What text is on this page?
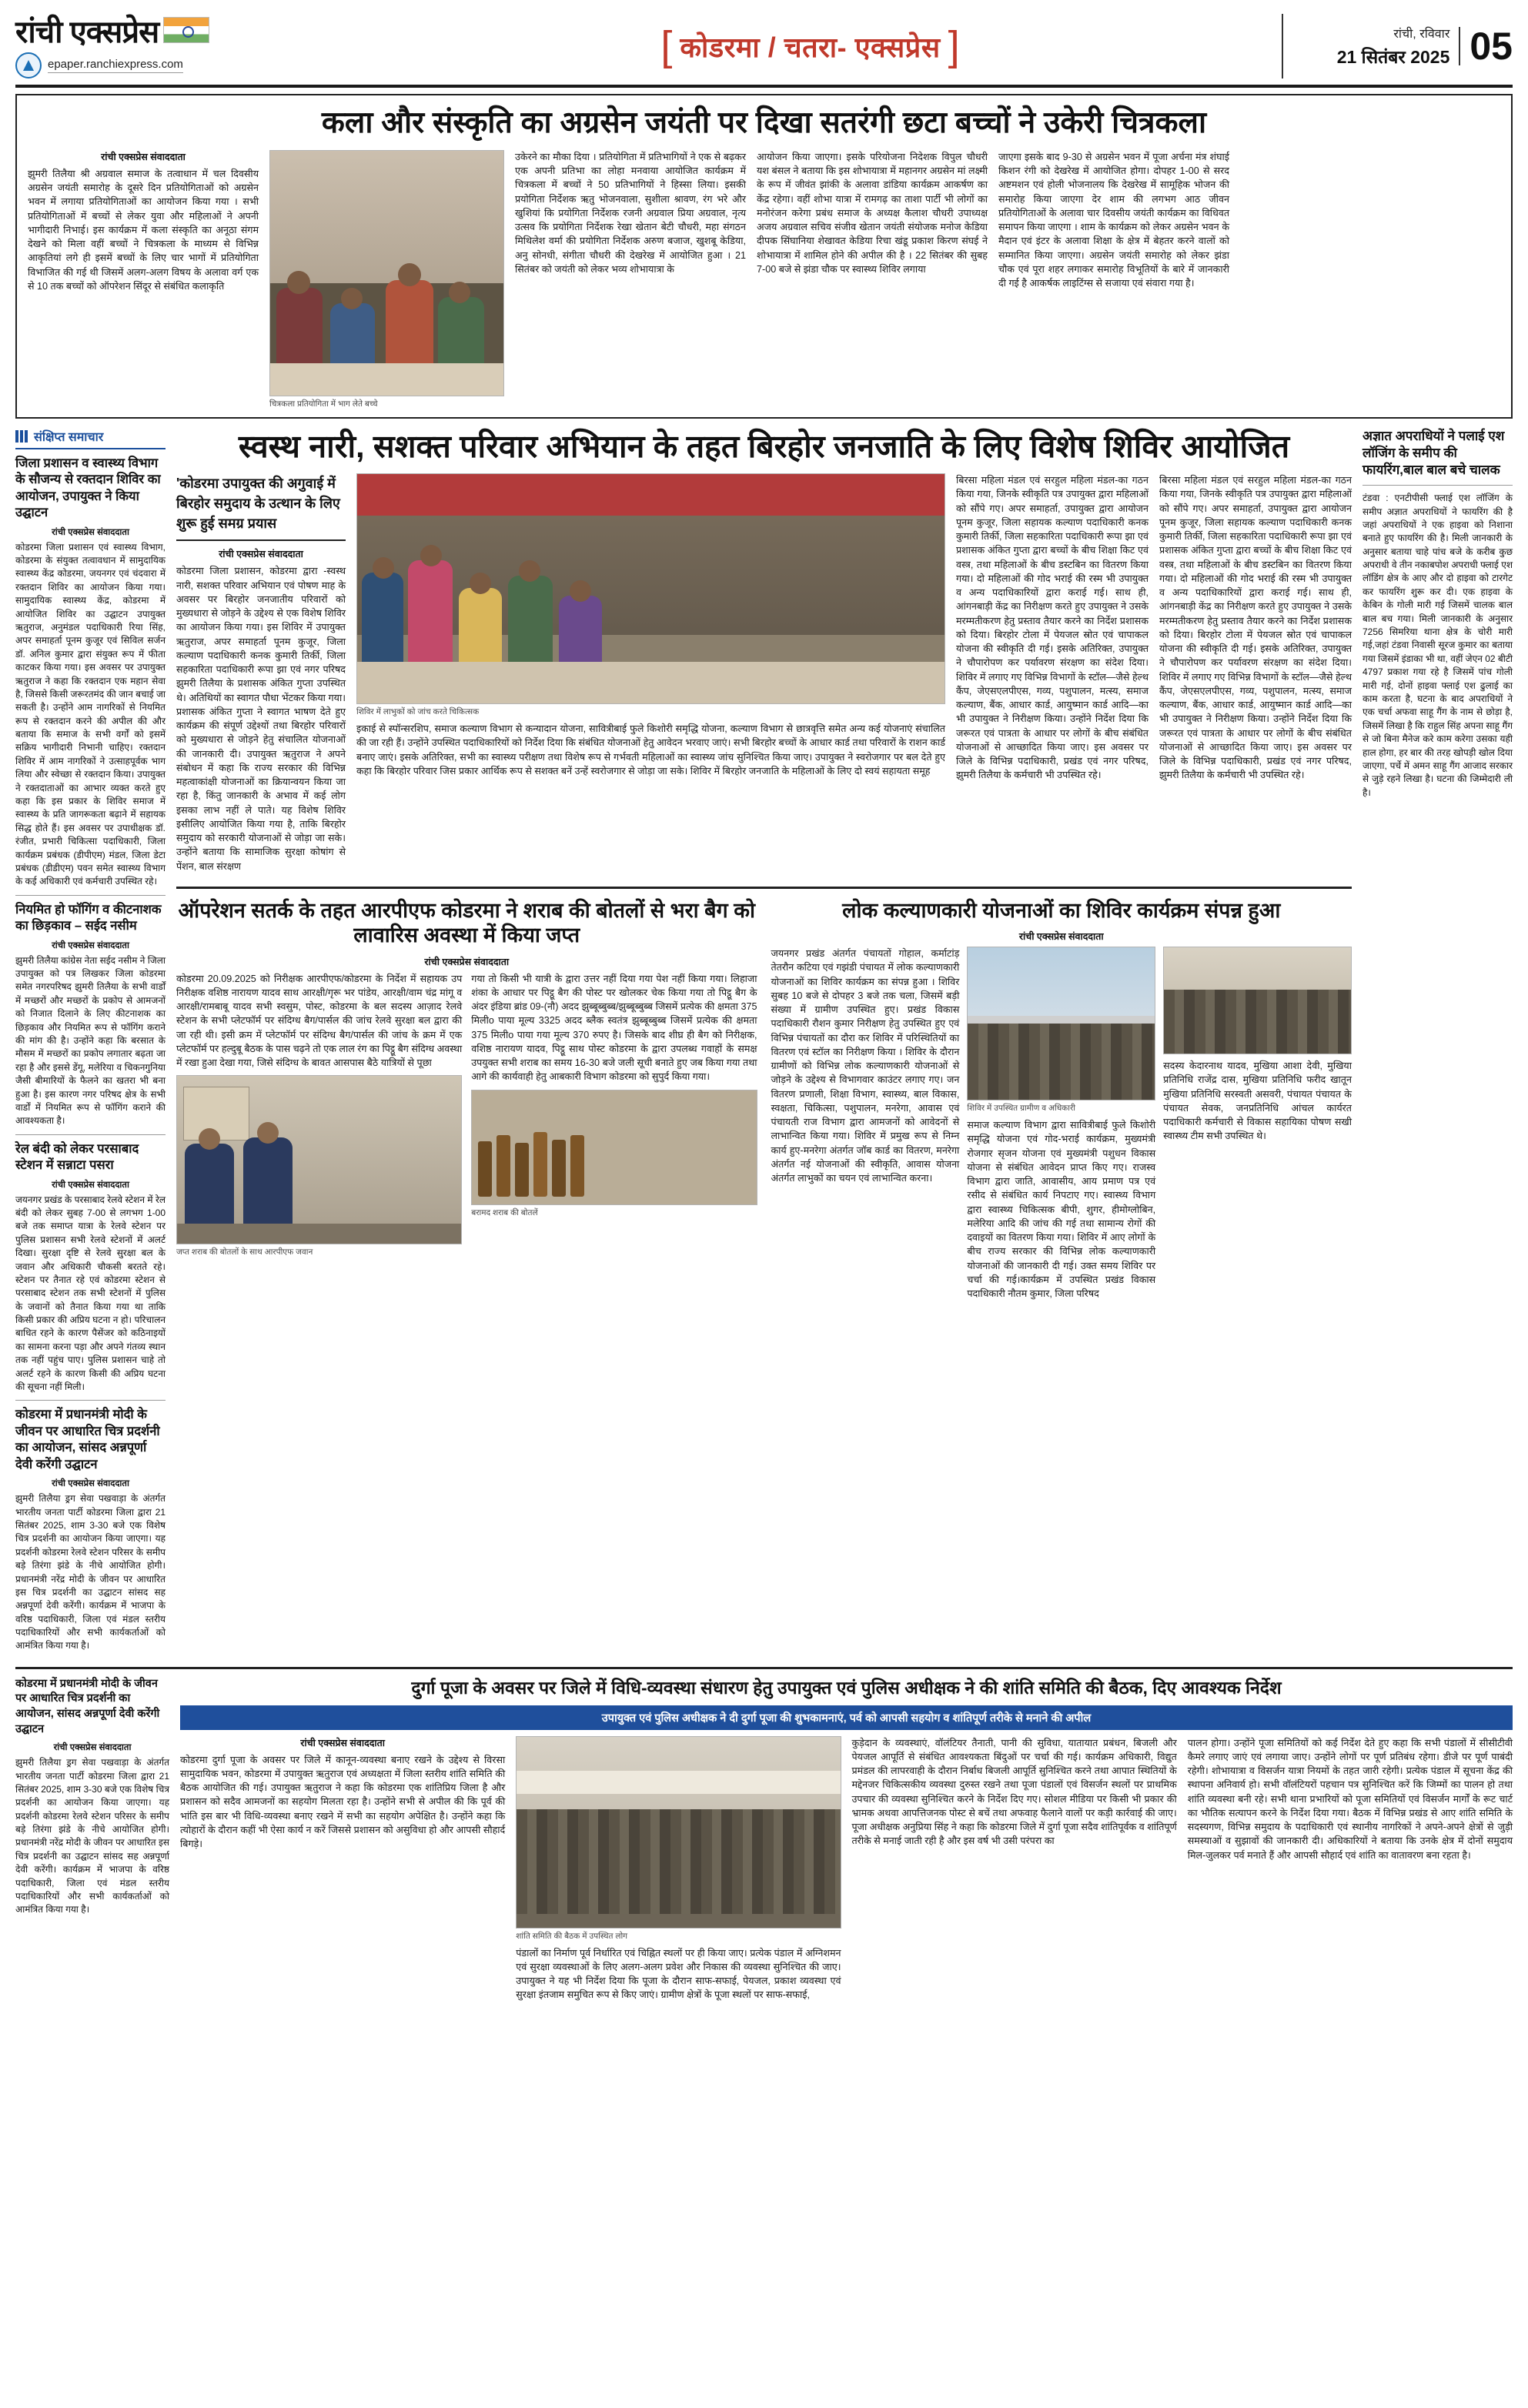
रांची एक्सप्रेस
epaper.ranchiexpress.com	[ कोडरमा / चतरा- एक्सप्रेस ]	रांची, रविवार
21 सितंबर 2025 05
कला और संस्कृति का अग्रसेन जयंती पर दिखा सतरंगी छटा बच्चों ने उकेरी चित्रकला
रांची एक्सप्रेस संवाददाता

झुमरी तिलैया श्री अग्रवाल समाज के तत्वाधान में चल दिवसीय अग्रसेन जयंती समारोह के दूसरे दिन प्रतियोगिताओं को अग्रसेन भवन में लगाया प्रतियोगिताओं का आयोजन किया गया । सभी प्रतियोगिताओं में बच्चों से लेकर युवा और महिलाओं ने अपनी भागीदारी निभाई। इस कार्यक्रम में कला संस्कृति का अनूठा संगम देखने को मिला वहीं बच्चों ने चित्रकला के माध्यम से विभिन्न आकृतियां लगे ही इसमें बच्चों के लिए चार भागों में प्रतियोगिता विभाजित की गई थी जिसमें अलग-अलग विषय के अलावा वर्ग एक से 10 तक बच्चों को ऑपरेशन सिंदूर से संबंधित कलाकृति

चित्रकला प्रतियोगिता में भाग लेते बच्चे

उकेरने का मौका दिया । प्रतियोगिता में प्रतिभागियों ने एक से बढ़कर एक अपनी प्रतिभा का लोहा मनवाया आयोजित कार्यक्रम में चित्रकला में बच्चों ने 50 प्रतिभागियों ने हिस्सा लिया। इसकी प्रयोगिता निर्देशक ऋतु भोजनवाला, सुशीला श्रावण, रंग भरे और खुशियां कि प्रयोगिता निर्देशक रजनी अग्रवाल प्रिया अग्रवाल, नृत्य उत्सव कि प्रयोगिता निर्देशक रेखा खेतान बेटी चौधरी, महा संगठन मिथिलेश वर्मा की प्रयोगिता निर्देशक अरुण बजाज, खुशबू केडिया, अनु सोनधी, संगीता चौधरी की देखरेख में आयोजित हुआ । 21 सितंबर को जयंती को लेकर भव्य शोभायात्रा के

आयोजन किया जाएगा। इसके परियोजना निदेशक विपुल चौधरी यश बंसल ने बताया कि इस शोभायात्रा में महानगर अग्रसेन मां लक्ष्मी के रूप में जीवंत झांकी के अलावा डांडिया कार्यक्रम आकर्षण का केंद्र रहेगा। वहीं शोभा यात्रा में रामगढ़ का ताशा पार्टी भी लोगों का मनोरंजन करेगा प्रबंध समाज के अध्यक्ष कैलाश चौधरी उपाध्यक्ष अजय अग्रवाल सचिव संजीव खेतान जयंती संयोजक मनोज केडिया दीपक सिंघानिया शेखावत केडिया रिचा खंडू प्रकाश किरण संघई ने शोभायात्रा में शामिल होने की अपील की है । 22 सितंबर की सुबह 7-00 बजे से झंडा चौक पर स्वास्थ्य शिविर लगाया

जाएगा इसके बाद 9-30 से अग्रसेन भवन में पूजा अर्चना मंत्र शंघाई किशन रंगी को देखरेख में आयोजित होगा। दोपहर 1-00 से सरद अष्टमशन एवं होली भोजनालय कि देखरेख में सामूहिक भोजन की समारोह किया जाएगा देर शाम की लगभग आठ जीवन प्रतियोगिताओं के अलावा चार दिवसीय जयंती कार्यक्रम का विधिवत समापन किया जाएगा । शाम के कार्यक्रम को लेकर अग्रसेन भवन के मैदान एवं इंटर के अलावा शिक्षा के क्षेत्र में बेहतर करने वालों को सम्मानित किया जाएगा। अग्रसेन जयंती समारोह को लेकर झंडा चौक एवं पूरा शहर लगाकर समारोह विभूतियों के बारे में जानकारी दी गई है आकर्षक लाइटिंग्स से सजाया एवं संवारा गया है।

संक्षिप्त समाचार
जिला प्रशासन व स्वास्थ्य विभाग के सौजन्य से रक्तदान शिविर का आयोजन, उपायुक्त ने किया उद्घाटन
रांची एक्सप्रेस संवाददाता

कोडरमा जिला प्रशासन एवं स्वास्थ्य विभाग, कोडरमा के संयुक्त तत्वावधान में सामुदायिक स्वास्थ्य केंद्र कोडरमा, जयनगर एवं चंदवारा में रक्तदान शिविर का आयोजन किया गया। सामुदायिक स्वास्थ्य केंद्र, कोडरमा में आयोजित शिविर का उद्घाटन उपायुक्त ऋतुराज, अनुमंडल पदाधिकारी रिया सिंह, अपर समाहर्ता पूनम कुजूर एवं सिविल सर्जन डॉ. अनिल कुमार द्वारा संयुक्त रूप में फीता काटकर किया गया। इस अवसर पर उपायुक्त ऋतुराज ने कहा कि रक्तदान एक महान सेवा है, जिससे किसी जरूरतमंद की जान बचाई जा सकती है। उन्होंने आम नागरिकों से नियमित रूप से रक्तदान करने की अपील की और बताया कि समाज के सभी वर्गों को इसमें सक्रिय भागीदारी निभानी चाहिए। रक्तदान शिविर में आम नागरिकों ने उत्साहपूर्वक भाग लिया और स्वेच्छा से रक्तदान किया। उपायुक्त ने रक्तदाताओं का आभार व्यक्त करते हुए कहा कि इस प्रकार के शिविर समाज में स्वास्थ्य के प्रति जागरूकता बढ़ाने में सहायक सिद्ध होते हैं। इस अवसर पर उपाधीक्षक डॉ. रंजीत, प्रभारी चिकित्सा पदाधिकारी, जिला कार्यक्रम प्रबंधक (डीपीएम) मंडल, जिला डेटा प्रबंधक (डीडीएम) पवन समेत स्वास्थ्य विभाग के कई अधिकारी एवं कर्मचारी उपस्थित रहे।

नियमित हो फॉगिंग व कीटनाशक का छिड़काव – सईद नसीम
रांची एक्सप्रेस संवाददाता

झुमरी तिलैया कांग्रेस नेता सईद नसीम ने जिला उपायुक्त को पत्र लिखकर जिला कोडरमा समेत नगरपरिषद झुमरी तिलैया के सभी वार्डों में मच्छरों और मच्छरों के प्रकोप से आमजनों को निजात दिलाने के लिए कीटनाशक का छिड़काव और नियमित रूप से फॉगिंग कराने की मांग की है। उन्होंने कहा कि बरसात के मौसम में मच्छरों का प्रकोप लगातार बढ़ता जा रहा है और इससे डेंगू, मलेरिया व चिकनगुनिया जैसी बीमारियों के फैलने का खतरा भी बना हुआ है। इस कारण नगर परिषद क्षेत्र के सभी वार्डों में नियमित रूप से फॉगिंग कराने की आवश्यकता है।

रेल बंदी को लेकर परसाबाद स्टेशन में सन्नाटा पसरा
रांची एक्सप्रेस संवाददाता

जयनगर प्रखंड के परसाबाद रेलवे स्टेशन में रेल बंदी को लेकर सुबह 7-00 से लगभग 1-00 बजे तक समाप्त यात्रा के रेलवे स्टेशन पर पुलिस प्रशासन सभी रेलवे स्टेशनों में अलर्ट दिखा। सुरक्षा दृष्टि से रेलवे सुरक्षा बल के जवान और अधिकारी चौकसी बरतते रहे। स्टेशन पर तैनात रहे एवं कोडरमा स्टेशन से परसाबाद स्टेशन तक सभी स्टेशनों में पुलिस के जवानों को तैनात किया गया था ताकि किसी प्रकार की अप्रिय घटना न हो। परिचालन बाधित रहने के कारण पैसेंजर को कठिनाइयों का सामना करना पड़ा और अपने गंतव्य स्थान तक नहीं पहुंच पाए। पुलिस प्रशासन चाहे तो अलर्ट रहने के कारण किसी की अप्रिय घटना की सूचना नहीं मिली।

कोडरमा में प्रधानमंत्री मोदी के जीवन पर आधारित चित्र प्रदर्शनी का आयोजन, सांसद अन्नपूर्णा देवी करेंगी उद्घाटन
रांची एक्सप्रेस संवाददाता

झुमरी तिलैया ड्रग सेवा पखवाड़ा के अंतर्गत भारतीय जनता पार्टी कोडरमा जिला द्वारा 21 सितंबर 2025, शाम 3-30 बजे एक विशेष चित्र प्रदर्शनी का आयोजन किया जाएगा। यह प्रदर्शनी कोडरमा रेलवे स्टेशन परिसर के समीप बड़े तिरंगा झंडे के नीचे आयोजित होगी। प्रधानमंत्री नरेंद्र मोदी के जीवन पर आधारित इस चित्र प्रदर्शनी का उद्घाटन सांसद सह अन्नपूर्णा देवी करेंगी। कार्यक्रम में भाजपा के वरिष्ठ पदाधिकारी, जिला एवं मंडल स्तरीय पदाधिकारियों और सभी कार्यकर्ताओं को आमंत्रित किया गया है।

स्वस्थ नारी, सशक्त परिवार अभियान के तहत बिरहोर जनजाति के लिए विशेष शिविर आयोजित
'कोडरमा उपायुक्त की अगुवाई में बिरहोर समुदाय के उत्थान के लिए शुरू हुई समग्र प्रयास
रांची एक्सप्रेस संवाददाता

कोडरमा जिला प्रशासन, कोडरमा द्वारा -स्वस्थ नारी, सशक्त परिवार अभियान एवं पोषण माह के अवसर पर बिरहोर जनजातीय परिवारों को मुख्यधारा से जोड़ने के उद्देश्य से एक विशेष शिविर का आयोजन किया गया। इस शिविर में उपायुक्त ऋतुराज, अपर समाहर्ता पूनम कुजूर, जिला कल्याण पदाधिकारी कनक कुमारी तिर्की, जिला सहकारिता पदाधिकारी रूपा झा एवं नगर परिषद झुमरी तिलैया के प्रशासक अंकित गुप्ता उपस्थित थे। अतिथियों का स्वागत पौधा भेंटकर किया गया। प्रशासक अंकित गुप्ता ने स्वागत भाषण देते हुए कार्यक्रम की संपूर्ण उद्देश्यों तथा बिरहोर परिवारों को मुख्यधारा से जोड़ने हेतु संचालित योजनाओं की जानकारी दी। उपायुक्त ऋतुराज ने अपने संबोधन में कहा कि राज्य सरकार की विभिन्न महत्वाकांक्षी योजनाओं का क्रियान्वयन किया जा रहा है, किंतु जानकारी के अभाव में कई लोग इसका लाभ नहीं ले पाते। यह विशेष शिविर इसीलिए आयोजित किया गया है, ताकि बिरहोर समुदाय को सरकारी योजनाओं से जोड़ा जा सके। उन्होंने बताया कि सामाजिक सुरक्षा कोषांग से पेंशन, बाल संरक्षण

शिविर में लाभुकों को जांच करते चिकित्सक

इकाई से स्पॉन्सरशिप, समाज कल्याण विभाग से कन्यादान योजना, सावित्रीबाई फुले किशोरी समृद्धि योजना, कल्याण विभाग से छात्रवृत्ति समेत अन्य कई योजनाएं संचालित की जा रही हैं। उन्होंने उपस्थित पदाधिकारियों को निर्देश दिया कि संबंधित योजनाओं हेतु आवेदन भरवाए जाएं। सभी बिरहोर बच्चों के आधार कार्ड तथा परिवारों के राशन कार्ड बनाए जाएं। इसके अतिरिक्त, सभी का स्वास्थ्य परीक्षण तथा विशेष रूप से गर्भवती महिलाओं का स्वास्थ्य जांच सुनिश्चित किया जाए। उपायुक्त ने स्वरोजगार पर बल देते हुए कहा कि बिरहोर परिवार जिस प्रकार आर्थिक रूप से सशक्त बनें उन्हें स्वरोजगार से जोड़ा जा सके। शिविर में बिरहोर जनजाति के महिलाओं के लिए दो स्वयं सहायता समूह

बिरसा महिला मंडल एवं सरहुल महिला मंडल-का गठन किया गया, जिनके स्वीकृति पत्र उपायुक्त द्वारा महिलाओं को सौंपे गए। अपर समाहर्ता, उपायुक्त द्वारा आयोजन पूनम कुजूर, जिला सहायक कल्याण पदाधिकारी कनक कुमारी तिर्की, जिला सहकारिता पदाधिकारी रूपा झा एवं प्रशासक अंकित गुप्ता द्वारा बच्चों के बीच शिक्षा किट एवं वस्त्र, तथा महिलाओं के बीच डस्टबिन का वितरण किया गया। दो महिलाओं की गोद भराई की रस्म भी उपायुक्त व अन्य पदाधिकारियों द्वारा कराई गई। साथ ही, आंगनबाड़ी केंद्र का निरीक्षण करते हुए उपायुक्त ने उसके मरम्मतीकरण हेतु प्रस्ताव तैयार करने का निर्देश प्रशासक को दिया। बिरहोर टोला में पेयजल स्रोत एवं चापाकल योजना की स्वीकृति दी गई। इसके अतिरिक्त, उपायुक्त ने चौपारोपण कर पर्यावरण संरक्षण का संदेश दिया। शिविर में लगाए गए विभिन्न विभागों के स्टॉल—जैसे हेल्थ कैंप, जेएसएलपीएस, गव्य, पशुपालन, मत्स्य, समाज कल्याण, बैंक, आधार कार्ड, आयुष्मान कार्ड आदि—का भी उपायुक्त ने निरीक्षण किया। उन्होंने निर्देश दिया कि जरूरत एवं पात्रता के आधार पर लोगों के बीच संबंधित योजनाओं से आच्छादित किया जाए। इस अवसर पर जिले के विभिन्न पदाधिकारी, प्रखंड एवं नगर परिषद, झुमरी तिलैया के कर्मचारी भी उपस्थित रहे।

बिरसा महिला मंडल एवं सरहुल महिला मंडल-का गठन किया गया, जिनके स्वीकृति पत्र उपायुक्त द्वारा महिलाओं को सौंपे गए। अपर समाहर्ता, उपायुक्त द्वारा आयोजन पूनम कुजूर, जिला सहायक कल्याण पदाधिकारी कनक कुमारी तिर्की, जिला सहकारिता पदाधिकारी रूपा झा एवं प्रशासक अंकित गुप्ता द्वारा बच्चों के बीच शिक्षा किट एवं वस्त्र, तथा महिलाओं के बीच डस्टबिन का वितरण किया गया। दो महिलाओं की गोद भराई की रस्म भी उपायुक्त व अन्य पदाधिकारियों द्वारा कराई गई। साथ ही, आंगनबाड़ी केंद्र का निरीक्षण करते हुए उपायुक्त ने उसके मरम्मतीकरण हेतु प्रस्ताव तैयार करने का निर्देश प्रशासक को दिया। बिरहोर टोला में पेयजल स्रोत एवं चापाकल योजना की स्वीकृति दी गई। इसके अतिरिक्त, उपायुक्त ने चौपारोपण कर पर्यावरण संरक्षण का संदेश दिया। शिविर में लगाए गए विभिन्न विभागों के स्टॉल—जैसे हेल्थ कैंप, जेएसएलपीएस, गव्य, पशुपालन, मत्स्य, समाज कल्याण, बैंक, आधार कार्ड, आयुष्मान कार्ड आदि—का भी उपायुक्त ने निरीक्षण किया। उन्होंने निर्देश दिया कि जरूरत एवं पात्रता के आधार पर लोगों के बीच संबंधित योजनाओं से आच्छादित किया जाए। इस अवसर पर जिले के विभिन्न पदाधिकारी, प्रखंड एवं नगर परिषद, झुमरी तिलैया के कर्मचारी भी उपस्थित रहे।

ऑपरेशन सतर्क के तहत आरपीएफ कोडरमा ने शराब की बोतलों से भरा बैग को लावारिस अवस्था में किया जप्त
रांची एक्सप्रेस संवाददाता

कोडरमा 20.09.2025 को निरीक्षक आरपीएफ/कोडरमा के निर्देश में सहायक उप निरीक्षक वशिष्ठ नारायण यादव साथ आरक्षी/गृरू भर पांडेय, आरक्षी/वाम चंद्र मांगू व आरक्षी/रामबाबू यादव सभी स्वसुम, पोस्ट, कोडरमा के बल सदस्य आज़ाद रेलवे स्टेशन के सभी प्लेटफॉर्म पर संदिग्ध बैग/पार्सल की जांच रेलवे सुरक्षा बल द्वारा की जा रही थी। इसी क्रम में प्लेटफॉर्म पर संदिग्ध बैग/पार्सल की जांच के क्रम में एक प्लेटफॉर्म पर हल्दुबू बैठक के पास चढ़ने तो एक लाल रंग का पिट्ठू बैग संदिग्ध अवस्था में रखा हुआ देखा गया, जिसे संदिग्ध के बावत आसपास बैठे यात्रियों से पूछा

जप्त शराब की बोतलों के साथ आरपीएफ जवान

गया तो किसी भी यात्री के द्वारा उत्तर नहीं दिया गया पेश नहीं किया गया। लिहाजा शंका के आधार पर पिट्ठू बैग की पोस्ट पर खोलकर चेक किया गया तो पिट्ठू बैग के अंदर इंडिया ब्रांड 09-(नौ) अदद झुब्बूब्बुब्ब/झुब्बूब्बुब्ब जिसमें प्रत्येक की क्षमता 375 मिलीo पाया मूल्य 3325 अदद ब्लैक स्वतंत्र झुब्बूब्बुब्ब जिसमें प्रत्येक की क्षमता 375 मिलीo पाया गया मूल्य 370 रुपए है। जिसके बाद शीघ्र ही बैग को निरीक्षक, वशिष्ठ नारायण यादव, पिट्ठू साथ पोस्ट कोडरमा के द्वारा उपलब्ध गवाहों के समक्ष उपयुक्त सभी शराब का समय 16-30 बजे जली सूची बनाते हुए जब किया गया तथा आगे की कार्यवाही हेतु आबकारी विभाग कोडरमा को सुपुर्द किया गया।

बरामद शराब की बोतलें
लोक कल्याणकारी योजनाओं का शिविर कार्यक्रम संपन्न हुआ
रांची एक्सप्रेस संवाददाता

जयनगर प्रखंड अंतर्गत पंचायतों गोहाल, कर्माटांड़ तेतरौन कटिया एवं गझंडी पंचायत में लोक कल्याणकारी योजनाओं का शिविर कार्यक्रम का संपन्न हुआ । शिविर सुबह 10 बजे से दोपहर 3 बजे तक चला, जिसमें बड़ी संख्या में ग्रामीण उपस्थित हुए। प्रखंड विकास पदाधिकारी रौशन कुमार निरीक्षण हेतु उपस्थित हुए एवं विभिन्न पंचायतों का दौरा कर शिविर में परिस्थितियों का वितरण एवं स्टॉल का निरीक्षण किया । शिविर के दौरान ग्रामीणों को विभिन्न लोक कल्याणकारी योजनाओं से जोड़ने के उद्देश्य से विभागवार काउंटर लगाए गए। जन वितरण प्रणाली, शिक्षा विभाग, स्वास्थ्य, बाल विकास, स्वक्षता, चिकित्सा, पशुपालन, मनरेगा, आवास एवं पंचायती राज विभाग द्वारा आमजनों को आवेदनों से लाभान्वित किया गया। शिविर में प्रमुख रूप से निम्न कार्य हुए-मनरेगा अंतर्गत जॉब कार्ड का वितरण, मनरेगा अंतर्गत नई योजनाओं की स्वीकृति, आवास योजना अंतर्गत लाभुकों का चयन एवं लाभान्वित करना।

शिविर में उपस्थित ग्रामीण व अधिकारी

समाज कल्याण विभाग द्वारा सावित्रीबाई फुले किशोरी समृद्धि योजना एवं गोद-भराई कार्यक्रम, मुख्यमंत्री रोजगार सृजन योजना एवं मुख्यमंत्री पशुधन विकास योजना से संबंधित आवेदन प्राप्त किए गए। राजस्व विभाग द्वारा जाति, आवासीय, आय प्रमाण पत्र एवं रसीद से संबंधित कार्य निपटाए गए। स्वास्थ्य विभाग द्वारा स्वास्थ्य चिकित्सक बीपी, शुगर, हीमोग्लोबिन, मलेरिया आदि की जांच की गई तथा सामान्य रोगों की दवाइयों का वितरण किया गया। शिविर में आए लोगों के बीच राज्य सरकार की विभिन्न लोक कल्याणकारी योजनाओं की जानकारी दी गई। उक्त समय शिविर पर चर्चा की गई।कार्यक्रम में उपस्थित प्रखंड विकास पदाधिकारी नौतम कुमार, जिला परिषद

सदस्य केदारनाथ यादव, मुखिया आशा देवी, मुखिया प्रतिनिधि राजेंद्र दास, मुखिया प्रतिनिधि फरीद खातून मुखिया प्रतिनिधि सरस्वती असवरी, पंचायत पंचायत के पंचायत सेवक, जनप्रतिनिधि आंचल कार्यरत पदाधिकारी कर्मचारी से विकास सहायिका पोषण सखी स्वास्थ्य टीम सभी उपस्थित थे।

अज्ञात अपराधियों ने पलाई एश लॉजिंग के समीप की फायरिंग,बाल बाल बचे चालक

टंडवा : एनटीपीसी फ्लाई एश लॉजिंग के समीप अज्ञात अपराधियों ने फायरिंग की है जहां अपराधियों ने एक हाइवा को निशाना बनाते हुए फायरिंग की है। मिली जानकारी के अनुसार बताया चाहे पांच बजे के करीब कुछ अपराधी वे तीन नकाबपोश अपराधी फ्लाई एश लॉडिंग क्षेत्र के आए और दो हाइवा को टारगेट कर फायरिंग शुरू कर दी। एक हाइवा के केबिन के गोली मारी गई जिसमें चालक बाल बाल बच गया। मिली जानकारी के अनुसार 7256 सिमरिया थाना क्षेत्र के चोरी मारी गई,जहां टंडवा निवासी सूरज कुमार का बताया गया जिसमें इंडाका भी था, वहीं जेएन 02 बीटी 4797 प्रकाश गया रहे है जिसमें पांच गोली मारी गई, दोनों हाइवा फ्लाई एश ढुलाई का काम करता है, घटना के बाद अपराधियों ने एक चर्चा अफवा साहू गैंग के नाम से छोड़ा है, जिसमें लिखा है कि राहुल सिंह अपना साहू गैंग से जो बिना मैनेज करे काम करेगा उसका यही हाल होगा, हर बार की तरह खोपड़ी खोल दिया जाएगा, पर्चे में अमन साहू गैंग आजाद सरकार से जुड़े रहने लिखा है। घटना की जिम्मेदारी ली है।

कोडरमा में प्रधानमंत्री मोदी के जीवन पर आधारित चित्र प्रदर्शनी का आयोजन, सांसद अन्नपूर्णा देवी करेंगी उद्घाटन
रांची एक्सप्रेस संवाददाता

झुमरी तिलैया ड्रग सेवा पखवाड़ा के अंतर्गत भारतीय जनता पार्टी कोडरमा जिला द्वारा 21 सितंबर 2025, शाम 3-30 बजे एक विशेष चित्र प्रदर्शनी का आयोजन किया जाएगा। यह प्रदर्शनी कोडरमा रेलवे स्टेशन परिसर के समीप बड़े तिरंगा झंडे के नीचे आयोजित होगी। प्रधानमंत्री नरेंद्र मोदी के जीवन पर आधारित इस चित्र प्रदर्शनी का उद्घाटन सांसद सह अन्नपूर्णा देवी करेंगी। कार्यक्रम में भाजपा के वरिष्ठ पदाधिकारी, जिला एवं मंडल स्तरीय पदाधिकारियों और सभी कार्यकर्ताओं को आमंत्रित किया गया है।

दुर्गा पूजा के अवसर पर जिले में विधि-व्यवस्था संधारण हेतु उपायुक्त एवं पुलिस अधीक्षक ने की शांति समिति की बैठक, दिए आवश्यक निर्देश
उपायुक्त एवं पुलिस अधीक्षक ने दी दुर्गा पूजा की शुभकामनाएं, पर्व को आपसी सहयोग व शांतिपूर्ण तरीके से मनाने की अपील
रांची एक्सप्रेस संवाददाता

कोडरमा दुर्गा पूजा के अवसर पर जिले में कानून-व्यवस्था बनाए रखने के उद्देश्य से विरसा सामुदायिक भवन, कोडरमा में उपायुक्त ऋतुराज एवं अध्यक्षता में जिला स्तरीय शांति समिति की बैठक आयोजित की गई। उपायुक्त ऋतुराज ने कहा कि कोडरमा एक शांतिप्रिय जिला है और प्रशासन को सदैव आमजनों का सहयोग मिलता रहा है। उन्होंने सभी से अपील की कि पूर्व की भांति इस बार भी विधि-व्यवस्था बनाए रखने में सभी का सहयोग अपेक्षित है। उन्होंने कहा कि त्योहारों के दौरान कहीं भी ऐसा कार्य न करें जिससे प्रशासन को असुविधा हो और आपसी सौहार्द बिगड़े।

शांति समिति की बैठक में उपस्थित लोग

पंडालों का निर्माण पूर्व निर्धारित एवं चिह्नित स्थलों पर ही किया जाए। प्रत्येक पंडाल में अग्निशमन एवं सुरक्षा व्यवस्थाओं के लिए अलग-अलग प्रवेश और निकास की व्यवस्था सुनिश्चित की जाए। उपायुक्त ने यह भी निर्देश दिया कि पूजा के दौरान साफ-सफाई, पेयजल, प्रकाश व्यवस्था एवं सुरक्षा इंतजाम समुचित रूप से किए जाएं। ग्रामीण क्षेत्रों के पूजा स्थलों पर साफ-सफाई,

कुड़ेदान के व्यवस्थाएं, वॉलंटियर तैनाती, पानी की सुविधा, यातायात प्रबंधन, बिजली और पेयजल आपूर्ति से संबंधित आवश्यकता बिंदुओं पर चर्चा की गई। कार्यक्रम अधिकारी, विद्युत प्रमंडल की लापरवाही के दौरान निर्बाध बिजली आपूर्ति सुनिश्चित करने तथा आपात स्थितियों के मद्देनजर चिकित्सकीय व्यवस्था दुरुस्त रखने तथा पूजा पंडालों एवं विसर्जन स्थलों पर प्राथमिक उपचार की व्यवस्था सुनिश्चित करने के निर्देश दिए गए। सोशल मीडिया पर किसी भी प्रकार की भ्रामक अथवा आपत्तिजनक पोस्ट से बचें तथा अफवाह फैलाने वालों पर कड़ी कार्रवाई की जाए। पूजा अधीक्षक अनुप्रिया सिंह ने कहा कि कोडरमा जिले में दुर्गा पूजा सदैव शांतिपूर्वक व शांतिपूर्ण तरीके से मनाई जाती रही है और इस वर्ष भी उसी परंपरा का

पालन होगा। उन्होंने पूजा समितियों को कई निर्देश देते हुए कहा कि सभी पंडालों में सीसीटीवी कैमरे लगाए जाएं एवं लगाया जाए। उन्होंने लोगों पर पूर्ण प्रतिबंध रहेगा। डीजे पर पूर्ण पाबंदी रहेगी। शोभायात्रा व विसर्जन यात्रा नियमों के तहत जारी रहेगी। प्रत्येक पंडाल में सूचना केंद्र की स्थापना अनिवार्य हो। सभी वॉलंटियरों पहचान पत्र सुनिश्चित करें कि जिम्मों का पालन हो तथा शांति व्यवस्था बनी रहे। सभी थाना प्रभारियों को पूजा समितियों एवं विसर्जन मार्गों के रूट चार्ट का भौतिक सत्यापन करने के निर्देश दिया गया। बैठक में विभिन्न प्रखंड से आए शांति समिति के सदस्यगण, विभिन्न समुदाय के पदाधिकारी एवं स्थानीय नागरिकों ने अपने-अपने क्षेत्रों से जुड़ी समस्याओं व सुझावों की जानकारी दी। अधिकारियों ने बताया कि उनके क्षेत्र में दोनों समुदाय मिल-जुलकर पर्व मनाते हैं और आपसी सौहार्द एवं शांति का वातावरण बना रहता है।
